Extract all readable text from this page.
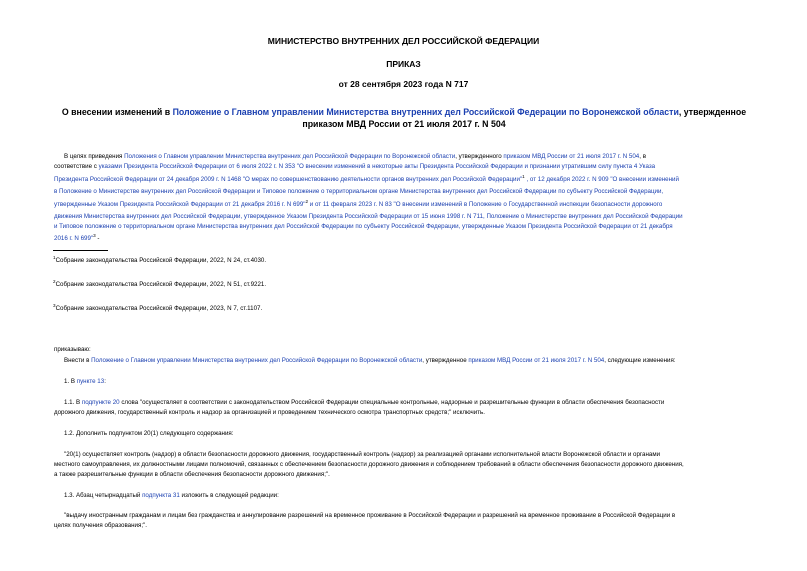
МИНИСТЕРСТВО ВНУТРЕННИХ ДЕЛ РОССИЙСКОЙ ФЕДЕРАЦИИ
ПРИКАЗ
от 28 сентября 2023 года N 717
О внесении изменений в Положение о Главном управлении Министерства внутренних дел Российской Федерации по Воронежской области, утвержденное
приказом МВД России от 21 июля 2017 г. N 504
В целях приведения Положения о Главном управлении Министерства внутренних дел Российской Федерации по Воронежской области, утвержденного приказом МВД России от 21 июля 2017 г. N 504, в
соответствие с указами Президента Российской Федерации от 6 июля 2022 г. N 353 "О внесении изменений в некоторые акты Президента Российской Федерации и признании утратившим силу пункта 4 Указа
Президента Российской Федерации от 24 декабря 2009 г. N 1468 "О мерах по совершенствованию деятельности органов внутренних дел Российской Федерации"$^1$ , от 12 декабря 2022 г. N 909 "О внесении изменений
в Положение о Министерстве внутренних дел Российской Федерации и Типовое положение о территориальном органе Министерства внутренних дел Российской Федерации по субъекту Российской Федерации,
утвержденные Указом Президента Российской Федерации от 21 декабря 2016 г. N 699"$^2$ и от 11 февраля 2023 г. N 83 "О внесении изменений в Положение о Государственной инспекции безопасности дорожного
движения Министерства внутренних дел Российской Федерации, утвержденное Указом Президента Российской Федерации от 15 июня 1998 г. N 711, Положение о Министерстве внутренних дел Российской Федерации
и Типовое положение о территориальном органе Министерства внутренних дел Российской Федерации по субъекту Российской Федерации, утвержденные Указом Президента Российской Федерации от 21 декабря
2016 г. N 699"$^3$ -
$^1$Собрание законодательства Российской Федерации, 2022, N 24, ст.4030.
$^2$Собрание законодательства Российской Федерации, 2022, N 51, ст.9221.
$^3$Собрание законодательства Российской Федерации, 2023, N 7, ст.1107.
приказываю:
Внести в Положение о Главном управлении Министерства внутренних дел Российской Федерации по Воронежской области, утвержденное приказом МВД России от 21 июля 2017 г. N 504, следующие изменения:
1. В пункте 13:
1.1. В подпункте 20 слова "осуществляет в соответствии с законодательством Российской Федерации специальные контрольные, надзорные и разрешительные функции в области обеспечения безопасности
дорожного движения, государственный контроль и надзор за организацией и проведением технического осмотра транспортных средств;" исключить.
1.2. Дополнить подпунктом 20(1) следующего содержания:
"20(1) осуществляет контроль (надзор) в области безопасности дорожного движения, государственный контроль (надзор) за реализацией органами исполнительной власти Воронежской области и органами
местного самоуправления, их должностными лицами полномочий, связанных с обеспечением безопасности дорожного движения и соблюдением требований в области обеспечения безопасности дорожного движения,
а также разрешительные функции в области обеспечения безопасности дорожного движения;".
1.3. Абзац четырнадцатый подпункта 31 изложить в следующей редакции:
"выдачу иностранным гражданам и лицам без гражданства и аннулирование разрешений на временное проживание в Российской Федерации и разрешений на временное проживание в Российской Федерации в
целях получения образования;".
